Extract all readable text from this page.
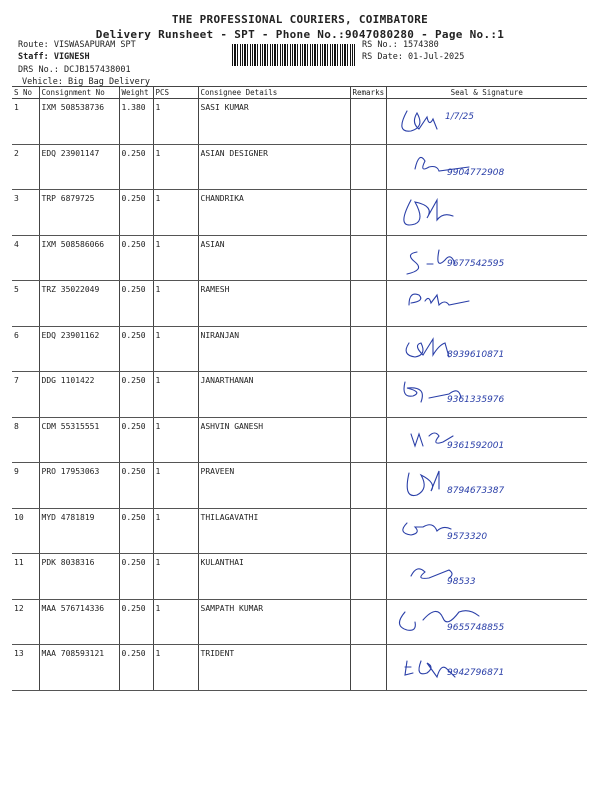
THE PROFESSIONAL COURIERS, COIMBATORE
Delivery Runsheet - SPT - Phone No.:9047080280 - Page No.:1
Route: VISWASAPURAM SPT
Staff: VIGNESH
DRS No.: DCJB157438001
Vehicle: Big Bag Delivery
RS No.: 1574380
RS Date: 01-Jul-2025
S No	Consignment No	Weight	PCS	Consignee Details	Remarks	Seal & Signature
1	IXM 508538736	1.380	1	SASI KUMAR		1/7/25

2	EDQ 23901147	0.250	1	ASIAN DESIGNER		9904772908

3	TRP 6879725	0.250	1	CHANDRIKA		

4	IXM 508586066	0.250	1	ASIAN		9677542595

5	TRZ 35022049	0.250	1	RAMESH		

6	EDQ 23901162	0.250	1	NIRANJAN		8939610871

7	DDG 1101422	0.250	1	JANARTHANAN		9361335976

8	CDM 55315551	0.250	1	ASHVIN GANESH		9361592001

9	PRO 17953063	0.250	1	PRAVEEN		8794673387

10	MYD 4781819	0.250	1	THILAGAVATHI		9573320

11	PDK 8038316	0.250	1	KULANTHAI		98533

12	MAA 576714336	0.250	1	SAMPATH KUMAR		9655748855

13	MAA 708593121	0.250	1	TRIDENT		9942796871
